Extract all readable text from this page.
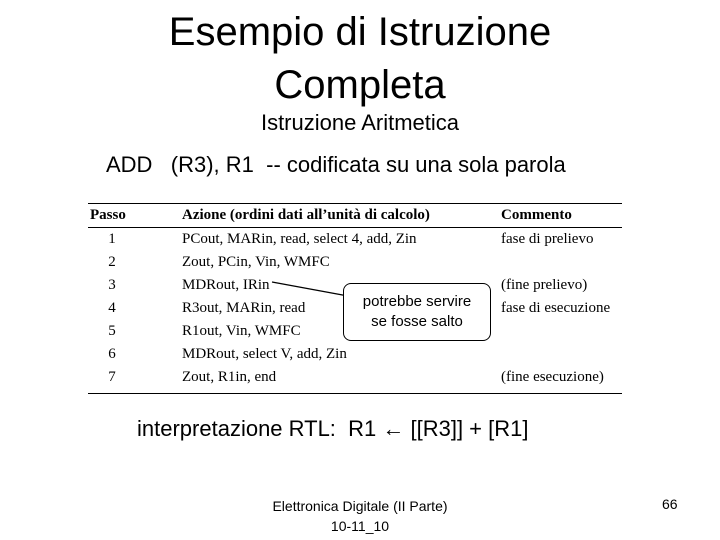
Esempio di Istruzione
Completa
Istruzione Aritmetica
ADD   (R3), R1  -- codificata su una sola parola
Passo	Azione (ordini dati all’unità di calcolo)	Commento
1	PCout, MARin, read, select 4, add, Zin	fase di prelievo
2	Zout, PCin, Vin, WMFC
3	MDRout, IRin	(fine prelievo)
4	R3out, MARin, read	fase di esecuzione
5	R1out, Vin, WMFC
6	MDRout, select V, add, Zin
7	Zout, R1in, end	(fine esecuzione)
potrebbe servire
se fosse salto
interpretazione RTL:  R1 ← [[R3]] + [R1]
Elettronica Digitale (II Parte)
10-11_10
66
